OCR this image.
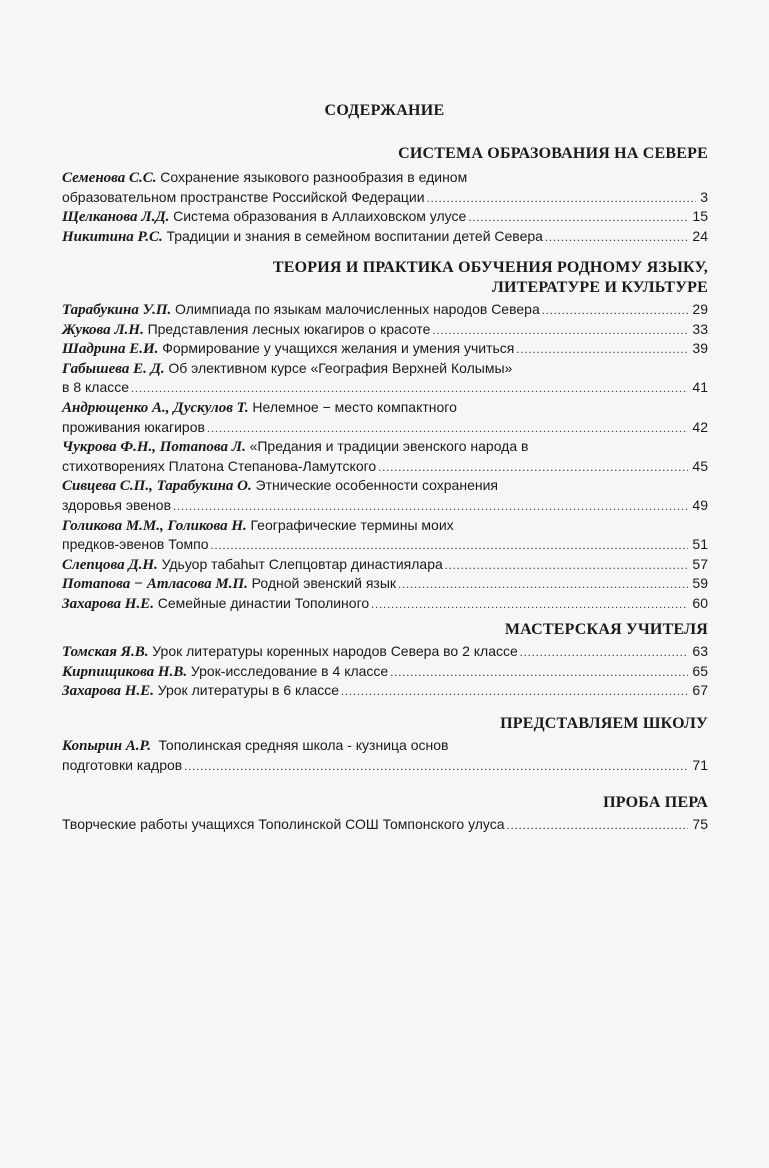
СОДЕРЖАНИЕ
СИСТЕМА ОБРАЗОВАНИЯ НА СЕВЕРЕ
Семенова С.С.
Сохранение языкового разнообразия в едином
образовательном пространстве Российской Федерации .....	3
Щелканова Л.Д.
Система образования в Аллаиховском улусе .....	15
Никитина Р.С.
Традиции и знания в семейном воспитании детей Севера .....	24
ТЕОРИЯ И ПРАКТИКА ОБУЧЕНИЯ РОДНОМУ ЯЗЫКУ,
ЛИТЕРАТУРЕ И КУЛЬТУРЕ
Тарабукина У.П.
Олимпиада по языкам малочисленных народов Севера .....	29
Жукова Л.Н.
Представления лесных юкагиров о красоте .....	33
Шадрина Е.И.
Формирование у учащихся желания и умения учиться .....	39
Габышева Е. Д.
Об элективном курсе «География Верхней Колымы»
в 8 классе .....	41
Андрющенко А., Дускулов Т.
Нелемное − место компактного
проживания юкагиров .....	42
Чукрова Ф.Н., Потапова Л.
«Предания и традиции эвенского народа в
стихотворениях Платона Степанова-Ламутского .....	45
Сивцева С.П., Тарабукина О.
Этнические особенности сохранения
здоровья эвенов .....	49
Голикова М.М., Голикова Н.
Географические термины моих
предков-эвенов Томпо .....	51
Слепцова Д.Н.
Удьуор табаһыт Слепцовтар династиялара .....	57
Потапова − Атласова М.П.
Родной эвенский язык .....	59
Захарова Н.Е.
Семейные династии Тополиного .....	60
МАСТЕРСКАЯ УЧИТЕЛЯ
Томская Я.В.
Урок литературы коренных народов Севера во 2 классе .....	63
Кирпищикова Н.В.
Урок-исследование в 4 классе .....	65
Захарова Н.Е.
Урок литературы в 6 классе .....	67
ПРЕДСТАВЛЯЕМ ШКОЛУ
Копырин А.Р.
Тополинская средняя школа - кузница основ
подготовки кадров .....	71
ПРОБА ПЕРА
Творческие работы учащихся Тополинской СОШ Томпонского улуса .....	75
